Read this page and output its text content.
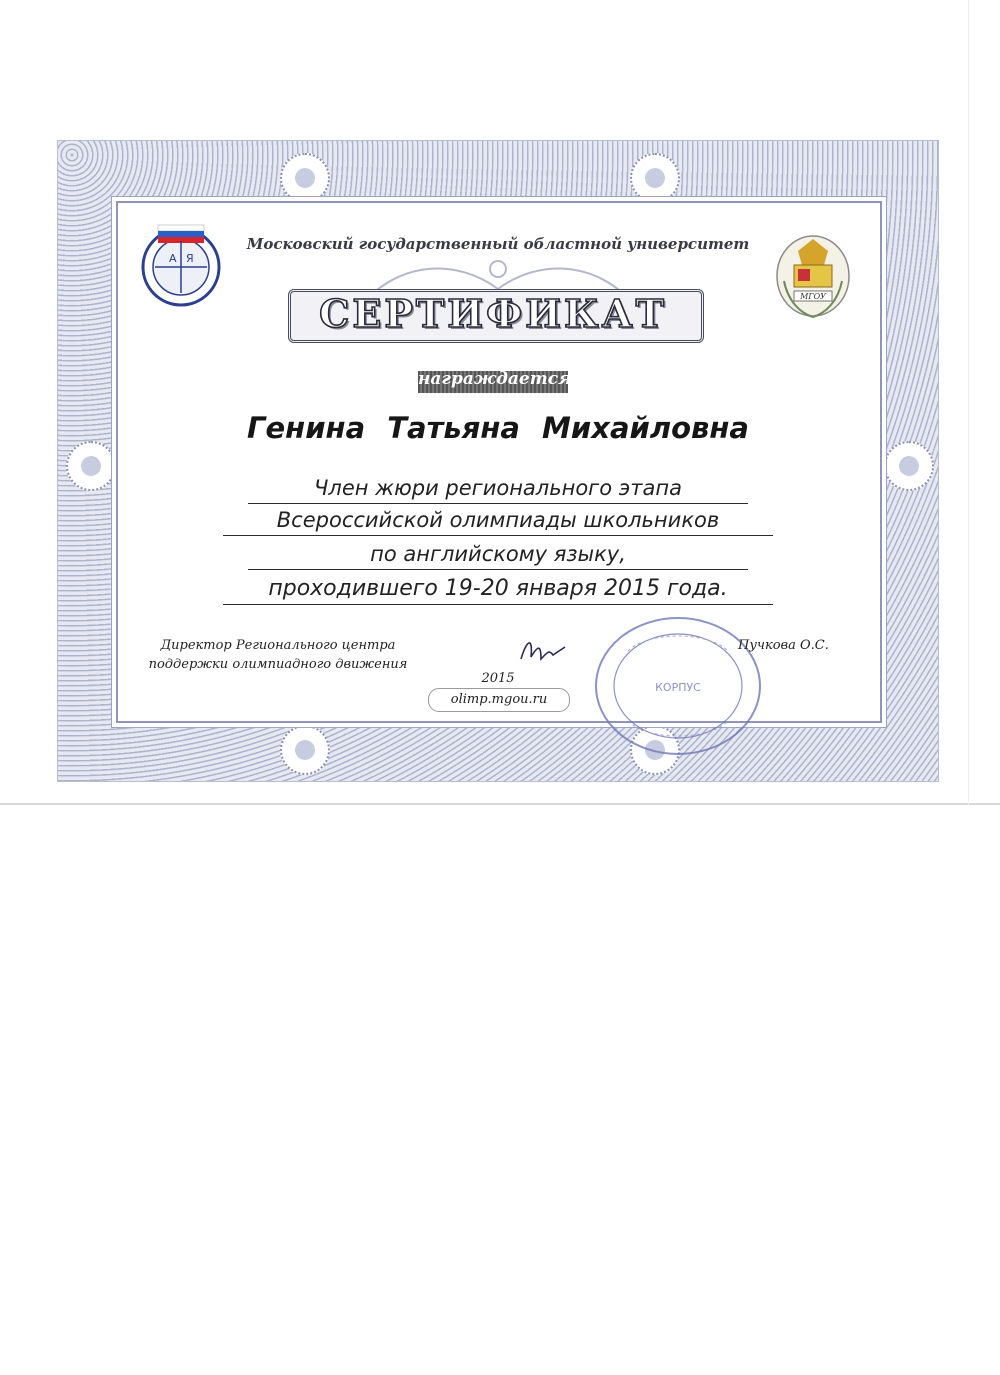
А Я
МГОУ
Московский государственный областной университет
СЕРТИФИКАТ
награждается
Генина Татьяна Михайловна
Член жюри регионального этапа
Всероссийской олимпиады школьников
по английскому языку,
проходившего 19-20 января 2015 года.
Директор Регионального центра
поддержки олимпиадного движения
КОРПУС
Пучкова О.С.
2015
olimp.mgou.ru
